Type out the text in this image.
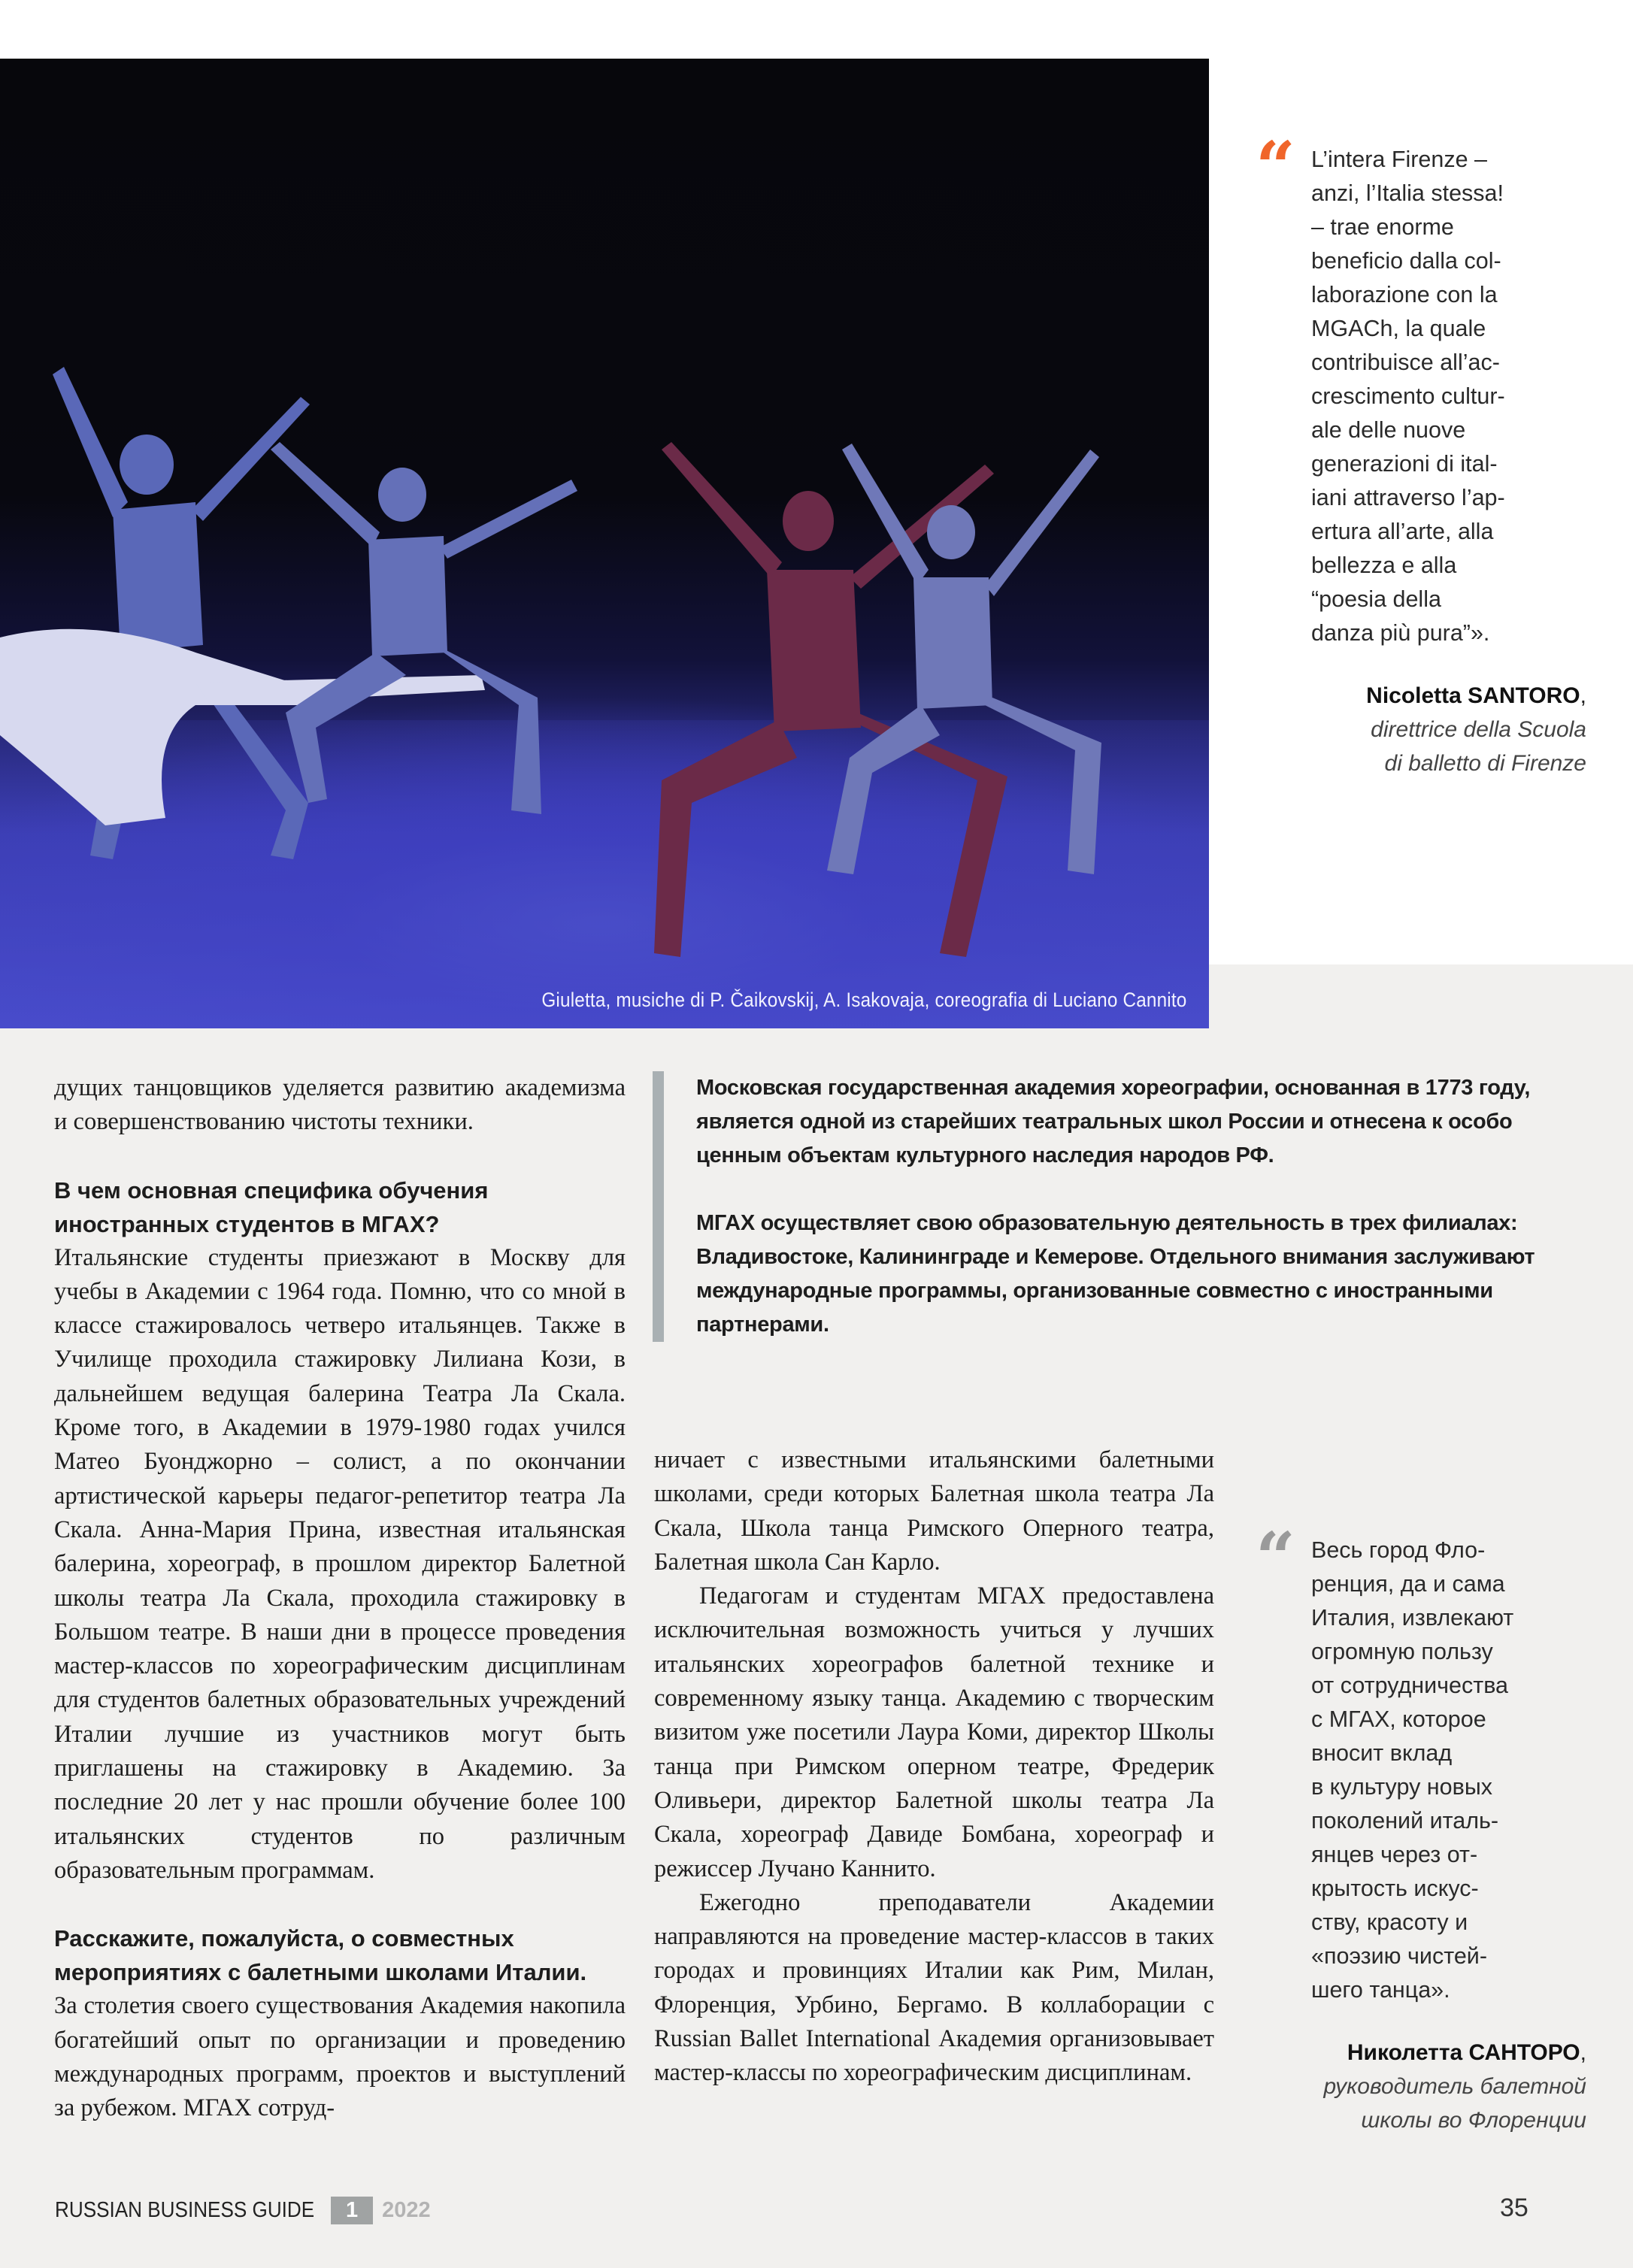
Giuletta, musiche di P. Čaikovskij, A. Isakovaja, coreografia di Luciano Cannito
“ L’intera Firenze –
anzi, l’Italia stessa!
– trae enorme
beneficio dalla col-
laborazione con la
MGACh, la quale
contribuisce all’ac-
crescimento cultur-
ale delle nuove
generazioni di ital-
iani attraverso l’ap-
ertura all’arte, alla
bellezza e alla
“poesia della
danza più pura”».
Nicoletta SANTORO,
direttrice della Scuola
di balletto di Firenze

дущих танцовщиков уделяется развитию академизма и совершенствованию чистоты техники.

В чем основная специфика обучения иностранных студентов в МГАХ?

Итальянские студенты приезжают в Москву для учебы в Академии с 1964 года. Помню, что со мной в классе стажировалось четверо итальянцев. Также в Училище проходила стажировку Лилиана Кози, в дальнейшем ведущая балерина Театра Ла Скала. Кроме того, в Академии в 1979-1980 годах учился Матео Буонджорно – солист, а по окончании артистической карьеры педагог-репетитор театра Ла Скала. Анна-Мария Прина, известная итальянская балерина, хореограф, в прошлом директор Балетной школы театра Ла Скала, проходила стажировку в Большом театре. В наши дни в процессе проведения мастер-классов по хореографическим дисциплинам для студентов балетных образовательных учреждений Италии лучшие из участников могут быть приглашены на стажировку в Академию. За последние 20 лет у нас прошли обучение более 100 итальянских студентов по различным образовательным программам.

Расскажите, пожалуйста, о совместных мероприятиях с балетными школами Италии.

За столетия своего существования Академия накопила богатейший опыт по организации и проведению международных программ, проектов и выступлений за рубежом. МГАХ сотруд-

Московская государственная академия хореографии, основанная в 1773 году, является одной из старейших театральных школ России и отнесена к особо ценным объектам культурного наследия народов РФ.

МГАХ осуществляет свою образовательную деятельность в трех филиалах: Владивостоке, Калининграде и Кемерове. Отдельного внимания заслуживают международные программы, организованные совместно с иностранными партнерами.

ничает с известными итальянскими балетными школами, среди которых Балетная школа театра Ла Скала, Школа танца Римского Оперного театра, Балетная школа Сан Карло.

Педагогам и студентам МГАХ предоставлена исключительная возможность учиться у лучших итальянских хореографов балетной технике и современному языку танца. Академию с творческим визитом уже посетили Лаура Коми, директор Школы танца при Римском оперном театре, Фредерик Оливьери, директор Балетной школы театра Ла Скала, хореограф Давиде Бомбана, хореограф и режиссер Лучано Каннито.

Ежегодно преподаватели Академии направляются на проведение мастер-классов в таких городах и провинциях Италии как Рим, Милан, Флоренция, Урбино, Бергамо. В коллаборации с Russian Ballet International Академия организовывает мастер-классы по хореографическим дисциплинам.

“ Весь город Фло-
ренция, да и сама
Италия, извлекают
огромную пользу
от сотрудничества
с МГАХ, которое
вносит вклад
в культуру новых
поколений италь-
янцев через от-
крытость искус-
ству, красоту и
«поэзию чистей-
шего танца».
Николетта САНТОРО,
руководитель балетной
школы во Флоренции
RUSSIAN BUSINESS GUIDE	1	2022	35
